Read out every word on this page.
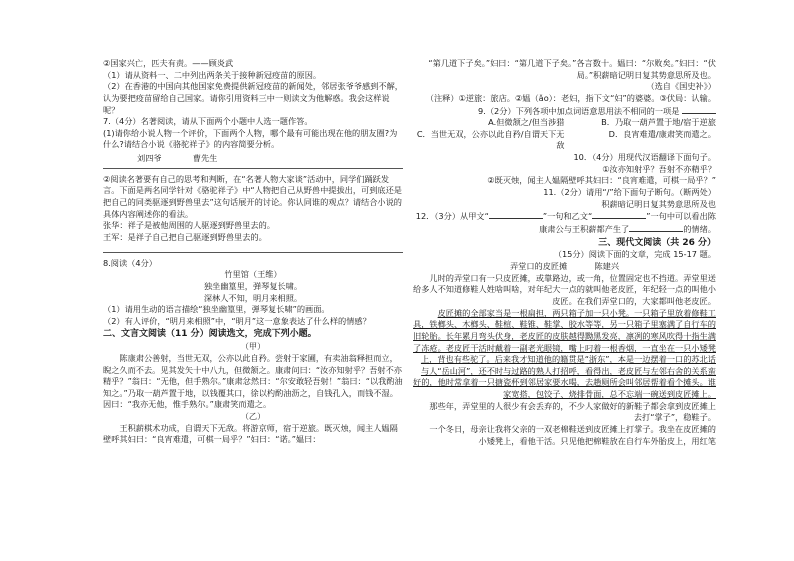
②国家兴亡，匹夫有责。——顾炎武

（1）请从资料一、二中列出两条关于接种新冠疫苗的原因。

（2）在香港的中国向其他国家免费提供新冠疫苗的新闻处，邻居张爷爷感到不解，认为要把疫苗留给自己国家。请你引用资料三中一则读文为他解惑。我会这样说呢？

7.（4分）名著阅读，请从下面两个小题中人选一题作答。

(1)请你给小说人物一个评价，下面两个人物，哪个最有可能出现在他的朋友圈?为什么?请结合小说《骆驼祥子》的内容简要分析。

刘四爷	曹先生

②阅读名著要有自己的思考和判断，在“名著人物大家谈”活动中，同学们踊跃发言。下面是两名同学针对《骆驼祥子》中“人物把自己从野兽中提拔出，可到底还是把自己的同类驱逐到野兽里去”这句话展开的讨论。你认同谁的观点？请结合小说的具体内容阐述你的看法。

张华：祥子是被他周围的人驱逐到野兽里去的。

王军：是祥子自己把自己驱逐到野兽里去的。

8.阅读（4分）

竹里馆（王维）

独坐幽篁里，弹琴复长啸。

深林人不知，明月来相照。

（1）请用生动的语言描绘“独坐幽篁里，弹琴复长啸”的画面。

（2）有人评价，“明月来相照”中，“明月”这一意象表达了什么样的情感？

二、文言文阅读（11 分）阅读选文，完成下列小题。

（甲）

陈康肃公善射，当世无双，公亦以此自矜。尝射于家圃，有卖油翁释担而立，睨之久而不去。见其发矢十中八九，但微颔之。康肃问曰：“汝亦知射乎？吾射不亦精乎？”翁曰：“无他，但手熟尔。”康肃忿然曰：“尔安敢轻吾射！”翁曰：“以我酌油知之。”乃取一葫芦置于地，以钱覆其口，徐以杓酌油沥之，自钱孔入，而钱不湿。因曰：“我亦无他，惟手熟尔。”康肃笑而遣之。

（乙）

王积薪棋术功成，自谓天下无敌。将游京师，宿于逆旅。既灭烛，闻主人媪隔壁呼其妇曰：“良宵难遣，可棋一局乎？”妇曰：“诺。”媪曰：

“第几道下子矣。”妇曰：“第几道下子矣。”各言数十。媪曰：“尔败矣。”妇曰：“伏局。”积薪暗记明日复其势意思所及也。

（选自《国史补》）

（注释）①逆旅：旅店。②媪（ǎo）：老妇，指下文“妇”的婆婆。③伏局：认输。

9.（2分）下列各项中加点词语意思用法不相同的一项是

A.但微颔之/但当涉猎	B．乃取一葫芦置于地/宿于逆旅
C．当世无双，公亦以此自矜/自谓天下无敌
D．良宵难遣/康肃笑而遣之。

10．（4分）用现代汉语翻译下面句子。

①汝亦知射乎？吾射不亦精乎？

②既灭烛，闻主人媪隔壁呼其妇曰：“良宵难遣，可棋一局乎？”

11.（2分）请用“/”给下面句子断句。（断两处）

积薪暗记明日复其势意思所及也

12．（3分）从甲文“	”一句和乙文“	”一句中可以看出陈康肃公与王积薪都产生了	的情绪。

三、现代文阅读（共 26 分）

（15分）阅读下面的文章，完成 15-17 题。

弄堂口的皮匠摊	陈建兴

儿时的弄堂口有一只皮匠摊，或靠路边，或一角，位置固定也不挡道。弄堂里送给多人不知道修鞋人姓啥叫啥，对年纪大一点的就叫他老皮匠，年纪轻一点的叫他小皮匠。在我们弄堂口的，大家都叫他老皮匠。

皮匠摊的全部家当是一根扁担，两只箱子加一只小凳。一只箱子里放着修鞋工具，铁榔头、木榔头、鞋楦、鞋锥、鞋掌、胶水等等，另一只箱子里塞满了自行车的旧轮胎。长年累月弯头伏身，老皮匠的皮肤越得黝黑发亮，凛冽的寒风吹得十指生满了冻疮。老皮匠干活时戴着一副老光眼镜，嘴上叼着一根香烟，一直坐在一只小矮凳上，背也有些驼了。后来我才知道他的籍贯是“浙东”，本是一边摆着一口的苏北话与人“岳山河”，还不时与过路的熟人打招呼，看得出，老皮匠与左邻右舍的关系蛮好的，他时常拿着一只搪瓷杯到邻居家要水喝，去趟厕所会叫邻居帮着看个摊头。谁家宽搭，包饺子、烧排骨面，总不忘端一碗送到皮匠摊上。

那些年，弄堂里的人很少有会丢弃的，不少人家做好的新鞋子都会拿到皮匠摊上去打“掌子”，稳鞋子。

一个冬日，母亲让我将父亲的一双老棉鞋送到皮匠摊上打掌子。我坐在皮匠摊的小矮凳上，看他干活。只见他把棉鞋放在自行车外胎皮上，用红笔
